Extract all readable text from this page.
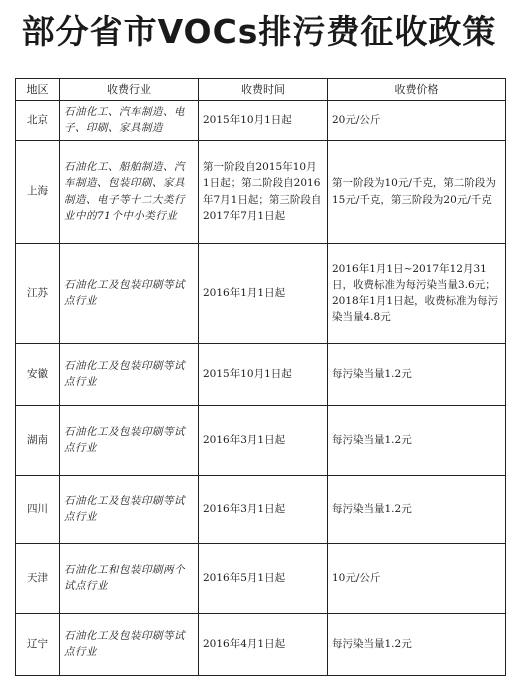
部分省市VOCs排污费征收政策
地区	收费行业	收费时间	收费价格
北京	石油化工、汽车制造、电子、印刷、家具制造	2015年10月1日起	20元/公斤
上海	石油化工、船舶制造、汽车制造、包装印刷、家具制造、电子等十二大类行业中的71个中小类行业	第一阶段自2015年10月1日起；第二阶段自2016年7月1日起；第三阶段自2017年7月1日起	第一阶段为10元/千克，第二阶段为15元/千克，第三阶段为20元/千克
江苏	石油化工及包装印刷等试点行业	2016年1月1日起	2016年1月1日~2017年12月31日，收费标准为每污染当量3.6元；2018年1月1日起，收费标准为每污染当量4.8元
安徽	石油化工及包装印刷等试点行业	2015年10月1日起	每污染当量1.2元
湖南	石油化工及包装印刷等试点行业	2016年3月1日起	每污染当量1.2元
四川	石油化工及包装印刷等试点行业	2016年3月1日起	每污染当量1.2元
天津	石油化工和包装印刷两个试点行业	2016年5月1日起	10元/公斤
辽宁	石油化工及包装印刷等试点行业	2016年4月1日起	每污染当量1.2元
